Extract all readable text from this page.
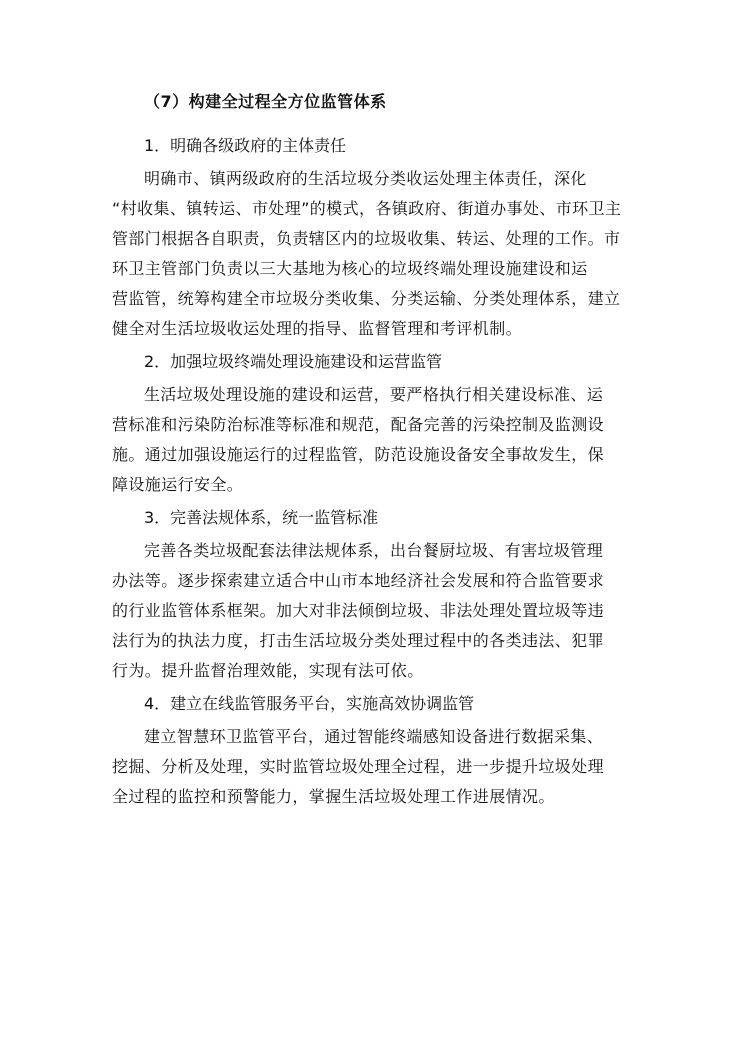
（7）构建全过程全方位监管体系

1．明确各级政府的主体责任

明确市、镇两级政府的生活垃圾分类收运处理主体责任，深化
“村收集、镇转运、市处理”的模式，各镇政府、街道办事处、市环卫主
管部门根据各自职责，负责辖区内的垃圾收集、转运、处理的工作。市
环卫主管部门负责以三大基地为核心的垃圾终端处理设施建设和运
营监管，统筹构建全市垃圾分类收集、分类运输、分类处理体系，建立
健全对生活垃圾收运处理的指导、监督管理和考评机制。

2．加强垃圾终端处理设施建设和运营监管

生活垃圾处理设施的建设和运营，要严格执行相关建设标准、运
营标准和污染防治标准等标准和规范，配备完善的污染控制及监测设
施。通过加强设施运行的过程监管，防范设施设备安全事故发生，保
障设施运行安全。

3．完善法规体系，统一监管标准

完善各类垃圾配套法律法规体系，出台餐厨垃圾、有害垃圾管理
办法等。逐步探索建立适合中山市本地经济社会发展和符合监管要求
的行业监管体系框架。加大对非法倾倒垃圾、非法处理处置垃圾等违
法行为的执法力度，打击生活垃圾分类处理过程中的各类违法、犯罪
行为。提升监督治理效能，实现有法可依。

4．建立在线监管服务平台，实施高效协调监管

建立智慧环卫监管平台，通过智能终端感知设备进行数据采集、
挖掘、分析及处理，实时监管垃圾处理全过程，进一步提升垃圾处理
全过程的监控和预警能力，掌握生活垃圾处理工作进展情况。
